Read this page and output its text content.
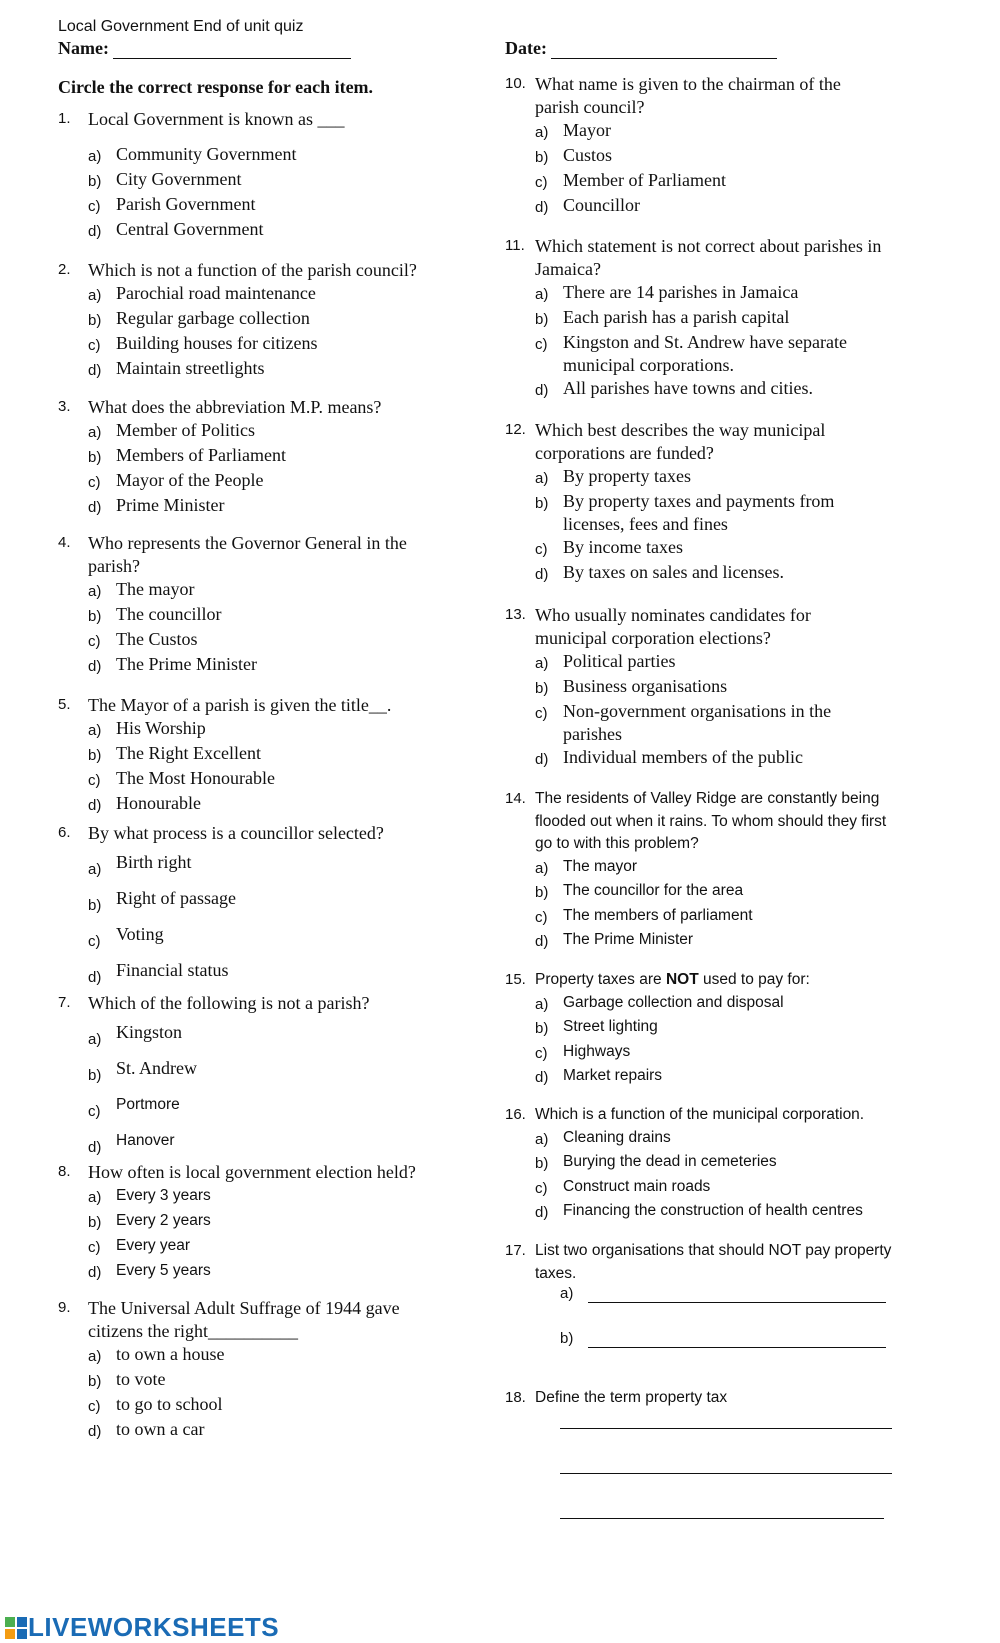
Local Government End of unit quiz
Name:	Date:
Circle the correct response for each item.
1. Local Government is known as ___
a) Community Government
b) City Government
c) Parish Government
d) Central Government
2. Which is not a function of the parish council?
a) Parochial road maintenance
b) Regular garbage collection
c) Building houses for citizens
d) Maintain streetlights
3. What does the abbreviation M.P. means?
a) Member of Politics
b) Members of Parliament
c) Mayor of the People
d) Prime Minister
4. Who represents the Governor General in the parish?
a) The mayor
b) The councillor
c) The Custos
d) The Prime Minister
5. The Mayor of a parish is given the title__.
a) His Worship
b) The Right Excellent
c) The Most Honourable
d) Honourable
6. By what process is a councillor selected?
a) Birth right
b) Right of passage
c) Voting
d) Financial status
7. Which of the following is not a parish?
a) Kingston
b) St. Andrew
c)	Portmore
d) Hanover
8. How often is local government election held?
a) Every 3 years
b) Every 2 years
c)	Every year
d) Every 5 years
9. The Universal Adult Suffrage of 1944 gave citizens the right__________
a) to own a house
b) to vote
c) to go to school
d) to own a car
10. What name is given to the chairman of the parish council?
a) Mayor
b) Custos
c) Member of Parliament
d) Councillor
11. Which statement is not correct about parishes in Jamaica?
a) There are 14 parishes in Jamaica
b) Each parish has a parish capital
c) Kingston and St. Andrew have separate municipal corporations.
d) All parishes have towns and cities.
12. Which best describes the way municipal corporations are funded?
a) By property taxes
b) By property taxes and payments from licenses, fees and fines
c) By income taxes
d) By taxes on sales and licenses.
13. Who usually nominates candidates for municipal corporation elections?
a) Political parties
b) Business organisations
c) Non-government organisations in the parishes
d) Individual members of the public
14. The residents of Valley Ridge are constantly being flooded out when it rains. To whom should they first go to with this problem?
a) The mayor
b) The councillor for the area
c)	The members of parliament
d) The Prime Minister
15. Property taxes are NOT used to pay for:
a) Garbage collection and disposal
b) Street lighting
c)	Highways
d) Market repairs
16. Which is a function of the municipal corporation.
a) Cleaning drains
b) Burying the dead in cemeteries
c)	Construct main roads
d) Financing the construction of health centres
17. List two organisations that should NOT pay property taxes.
a)
b)
18. Define the term property tax
LIVEWORKSHEETS
